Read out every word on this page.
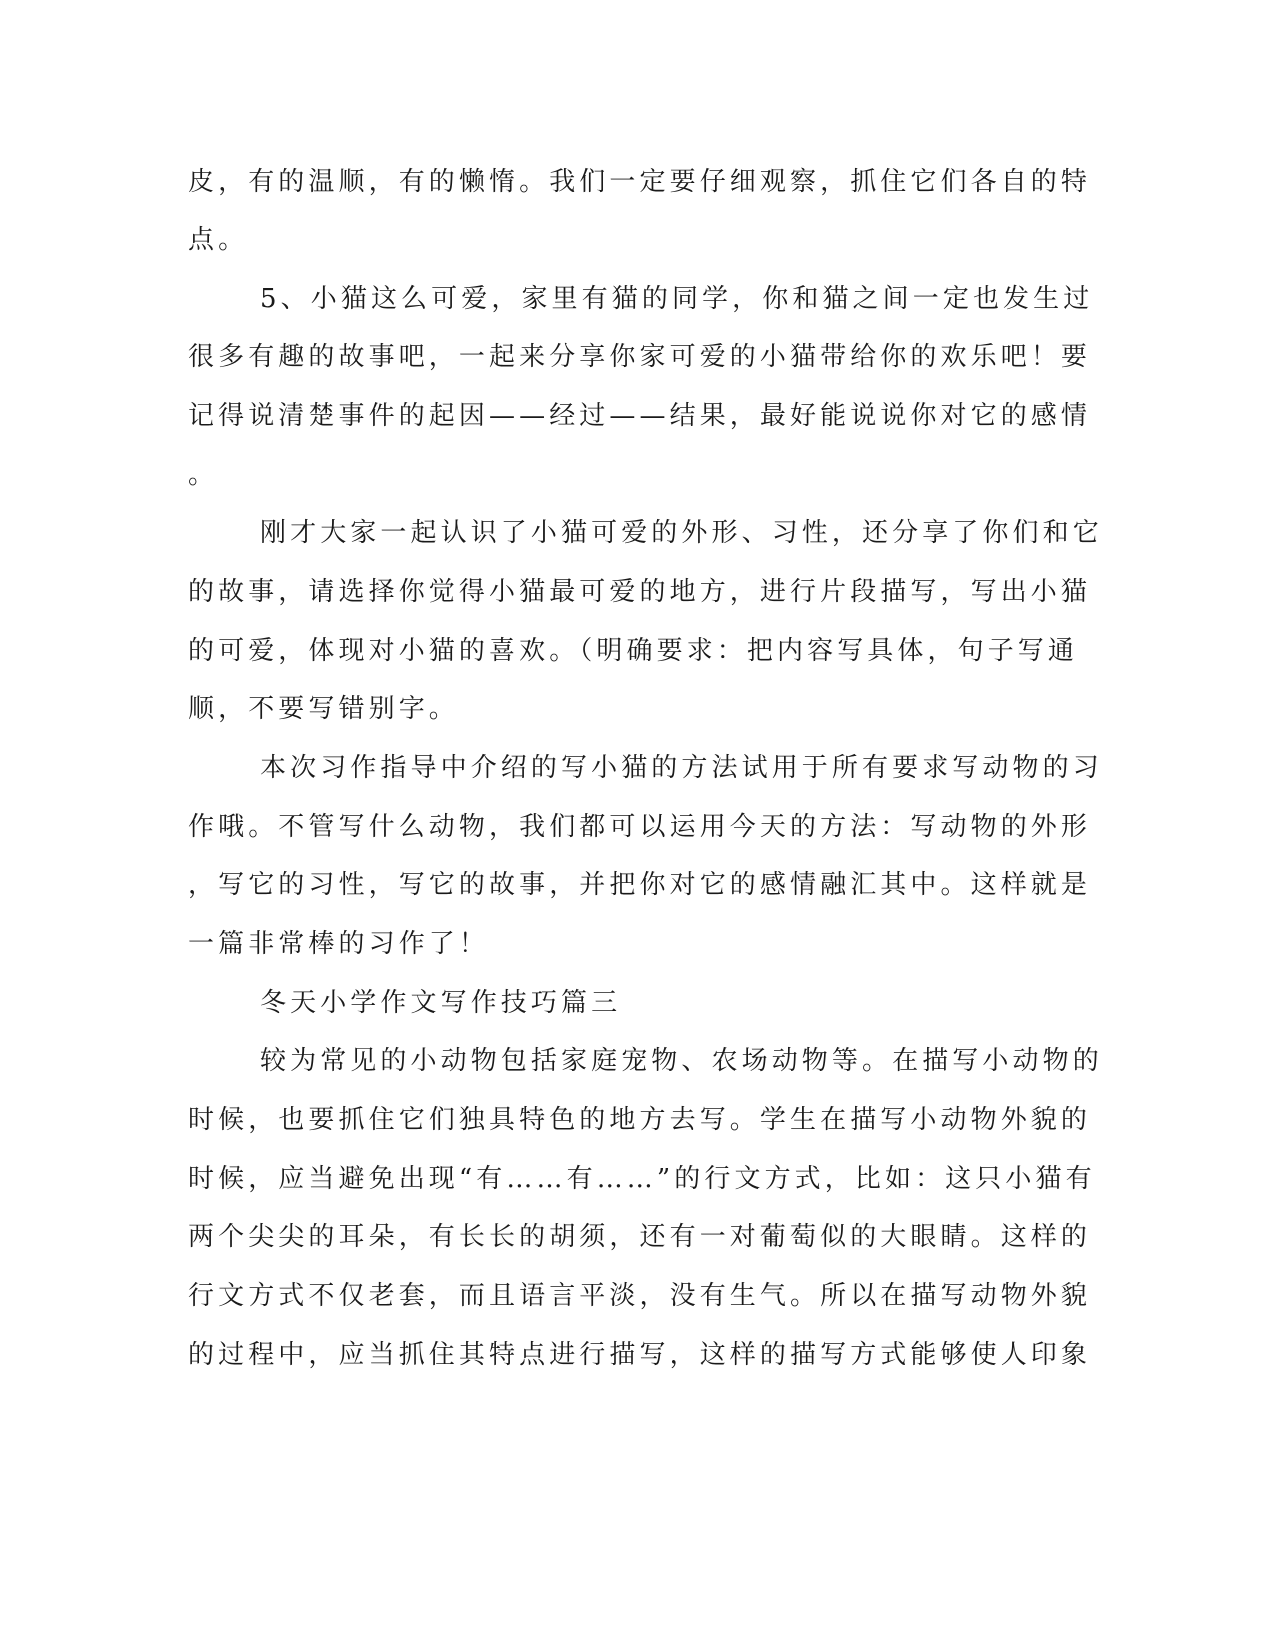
皮，有的温顺，有的懒惰。我们一定要仔细观察，抓住它们各自的特
点。
5、小猫这么可爱，家里有猫的同学，你和猫之间一定也发生过
很多有趣的故事吧，一起来分享你家可爱的小猫带给你的欢乐吧！要
记得说清楚事件的起因——经过——结果，最好能说说你对它的感情
。
刚才大家一起认识了小猫可爱的外形、习性，还分享了你们和它
的故事，请选择你觉得小猫最可爱的地方，进行片段描写，写出小猫
的可爱，体现对小猫的喜欢。（明确要求：把内容写具体，句子写通
顺，不要写错别字。
本次习作指导中介绍的写小猫的方法试用于所有要求写动物的习
作哦。不管写什么动物，我们都可以运用今天的方法：写动物的外形
，写它的习性，写它的故事，并把你对它的感情融汇其中。这样就是
一篇非常棒的习作了！
冬天小学作文写作技巧篇三
较为常见的小动物包括家庭宠物、农场动物等。在描写小动物的
时候，也要抓住它们独具特色的地方去写。学生在描写小动物外貌的
时候，应当避免出现“有……有……”的行文方式，比如：这只小猫有
两个尖尖的耳朵，有长长的胡须，还有一对葡萄似的大眼睛。这样的
行文方式不仅老套，而且语言平淡，没有生气。所以在描写动物外貌
的过程中，应当抓住其特点进行描写，这样的描写方式能够使人印象
